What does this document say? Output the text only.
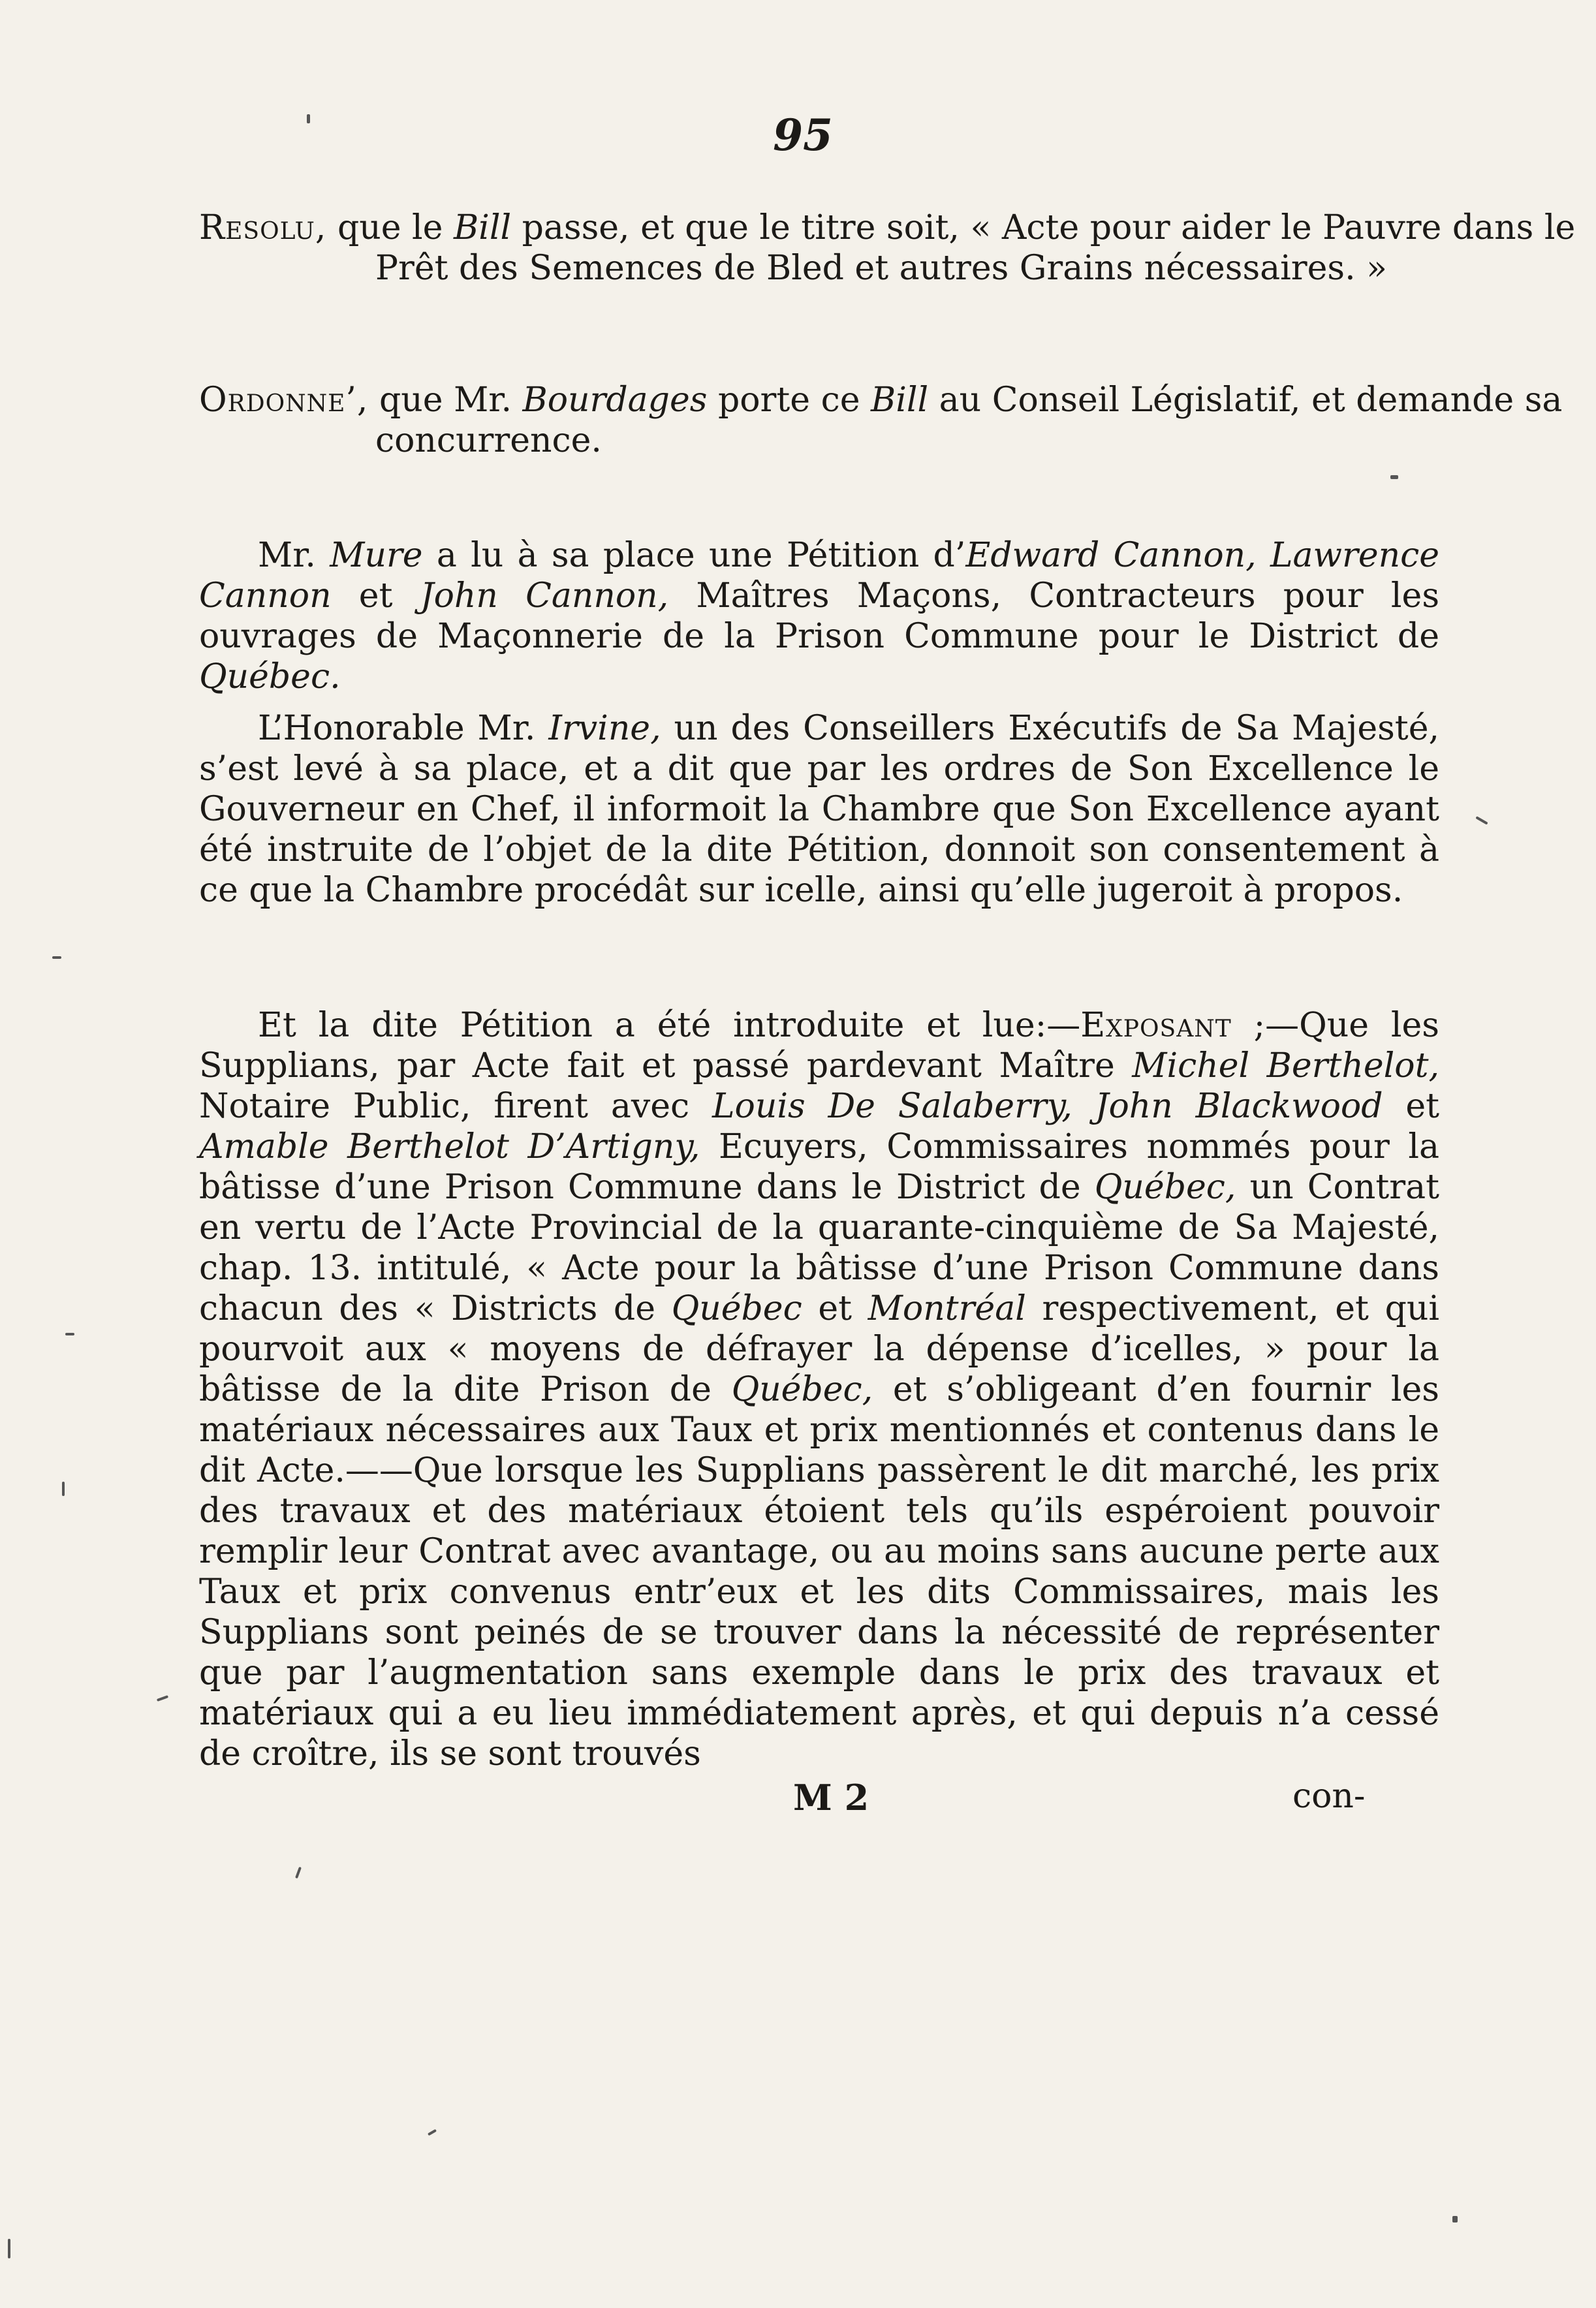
95
Resolu, que le Bill passe, et que le titre soit, « Acte pour aider le Pauvre dans le Prêt des Semences de Bled et autres Grains nécessaires. »
Ordonne’, que Mr. Bourdages porte ce Bill au Conseil Législatif, et demande sa concurrence.
Mr. Mure a lu à sa place une Pétition d’Edward Cannon, Lawrence Cannon et John Cannon, Maîtres Maçons, Contracteurs pour les ouvrages de Maçonnerie de la Prison Commune pour le District de Québec.
L’Honorable Mr. Irvine, un des Conseillers Exécutifs de Sa Majesté, s’est levé à sa place, et a dit que par les ordres de Son Excellence le Gouverneur en Chef, il informoit la Chambre que Son Excellence ayant été instruite de l’objet de la dite Pétition, donnoit son consentement à ce que la Chambre procédât sur icelle, ainsi qu’elle jugeroit à propos.
Et la dite Pétition a été introduite et lue:—Exposant ;—Que les Supplians, par Acte fait et passé pardevant Maître Michel Berthelot, Notaire Public, firent avec Louis De Salaberry, John Blackwood et Amable Berthelot D’Artigny, Ecuyers, Commissaires nommés pour la bâtisse d’une Prison Commune dans le District de Québec, un Contrat en vertu de l’Acte Provincial de la quarante-cinquième de Sa Majesté, chap. 13. intitulé, « Acte pour la bâtisse d’une Prison Commune dans chacun des « Districts de Québec et Montréal respectivement, et qui pourvoit aux « moyens de défrayer la dépense d’icelles, » pour la bâtisse de la dite Prison de Québec, et s’obligeant d’en fournir les matériaux nécessaires aux Taux et prix mentionnés et contenus dans le dit Acte.——Que lorsque les Supplians passèrent le dit marché, les prix des travaux et des matériaux étoient tels qu’ils espéroient pouvoir remplir leur Contrat avec avantage, ou au moins sans aucune perte aux Taux et prix convenus entr’eux et les dits Commissaires, mais les Supplians sont peinés de se trouver dans la nécessité de représenter que par l’augmentation sans exemple dans le prix des travaux et matériaux qui a eu lieu immédiatement après, et qui depuis n’a cessé de croître, ils se sont trouvés
M 2	con-
